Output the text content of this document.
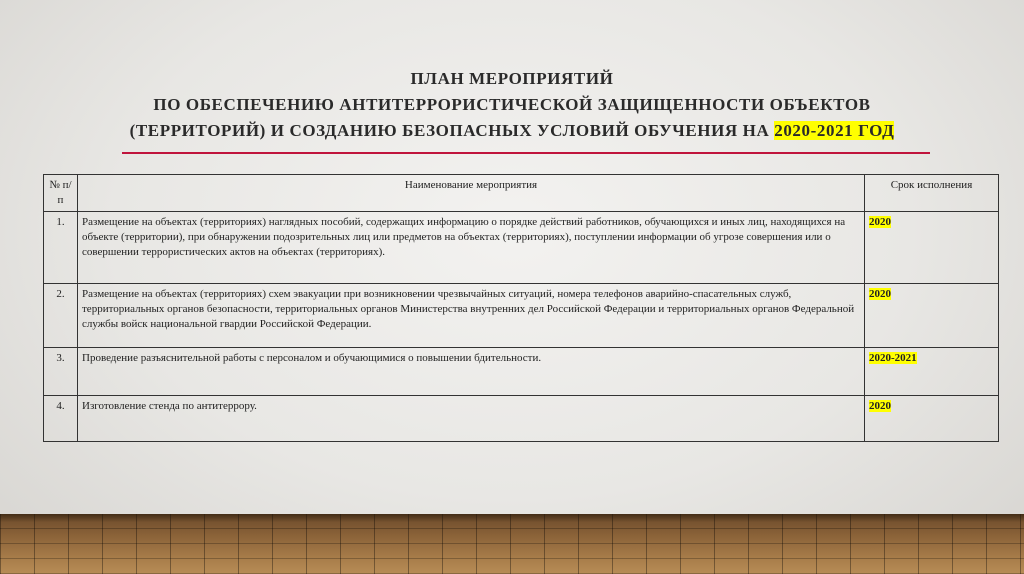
ПЛАН МЕРОПРИЯТИЙ
ПО ОБЕСПЕЧЕНИЮ АНТИТЕРРОРИСТИЧЕСКОЙ ЗАЩИЩЕННОСТИ ОБЪЕКТОВ
(ТЕРРИТОРИЙ) И СОЗДАНИЮ БЕЗОПАСНЫХ УСЛОВИЙ ОБУЧЕНИЯ НА 2020-2021 ГОД
№ п/п	Наименование мероприятия	Срок исполнения
1.	Размещение на объектах (территориях) наглядных пособий, содержащих информацию о порядке действий работников, обучающихся и иных лиц, находящихся на объекте (территории), при обнаружении подозрительных лиц или предметов на объектах (территориях), поступлении информации об угрозе совершения или о совершении террористических актов на объектах (территориях).	2020
2.	Размещение на объектах (территориях) схем эвакуации при возникновении чрезвычайных ситуаций, номера телефонов аварийно-спасательных служб, территориальных органов безопасности, территориальных органов Министерства внутренних дел Российской Федерации и территориальных органов Федеральной службы войск национальной гвардии Российской Федерации.	2020
3.	Проведение разъяснительной работы с персоналом и обучающимися о повышении бдительности.	2020-2021
4.	Изготовление стенда по антитеррору.	2020
